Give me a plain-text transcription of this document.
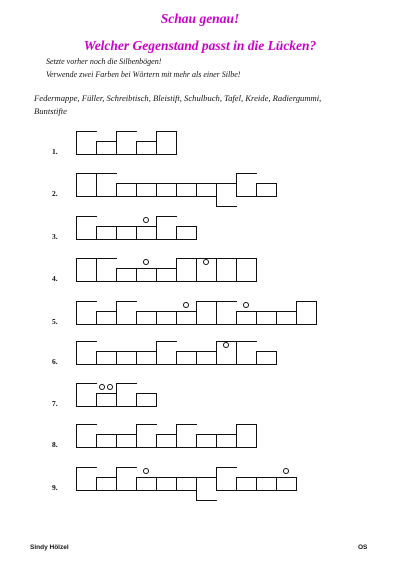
Schau genau!
Welcher Gegenstand passt in die Lücken?

Setzte vorher noch die Silbenbögen!

Verwende zwei Farben bei Wörtern mit mehr als einer Silbe!

Federmappe, Füller, Schreibtisch, Bleistift, Schulbuch, Tafel, Kreide, Radiergummi, Buntstifte

1.
2.
3.
4.
5.
6.
7.
8.
9.
Sindy Hölzel	OS
